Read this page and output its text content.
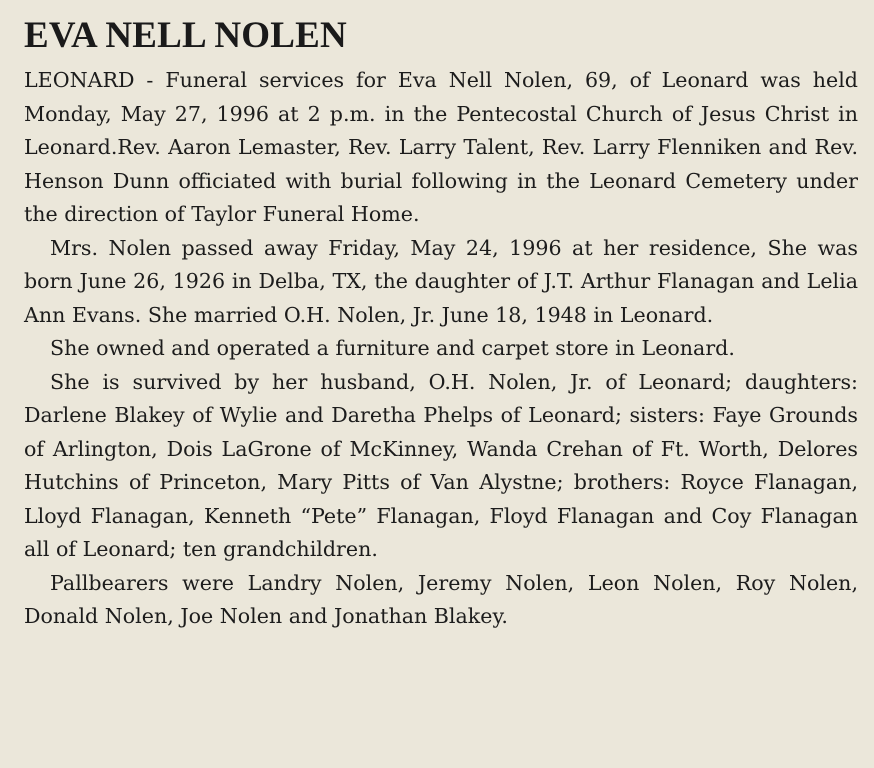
EVA NELL NOLEN

LEONARD - Funeral services for Eva Nell Nolen, 69, of Leonard was held Monday, May 27, 1996 at 2 p.m. in the Pentecostal Church of Jesus Christ in Leonard.Rev. Aaron Lemaster, Rev. Larry Talent, Rev. Larry Flenniken and Rev. Henson Dunn officiated with burial following in the Leonard Cemetery under the direction of Taylor Funeral Home.

Mrs. Nolen passed away Friday, May 24, 1996 at her residence, She was born June 26, 1926 in Delba, TX, the daughter of J.T. Arthur Flanagan and Lelia Ann Evans. She married O.H. Nolen, Jr. June 18, 1948 in Leonard.

She owned and operated a furniture and carpet store in Leonard.

She is survived by her husband, O.H. Nolen, Jr. of Leonard; daughters: Darlene Blakey of Wylie and Daretha Phelps of Leonard; sisters: Faye Grounds of Arlington, Dois LaGrone of McKinney, Wanda Crehan of Ft. Worth, Delores Hutchins of Princeton, Mary Pitts of Van Alystne; brothers: Royce Flanagan, Lloyd Flanagan, Kenneth “Pete” Flanagan, Floyd Flanagan and Coy Flanagan all of Leonard; ten grandchildren.

Pallbearers were Landry Nolen, Jeremy Nolen, Leon Nolen, Roy Nolen, Donald Nolen, Joe Nolen and Jonathan Blakey.
